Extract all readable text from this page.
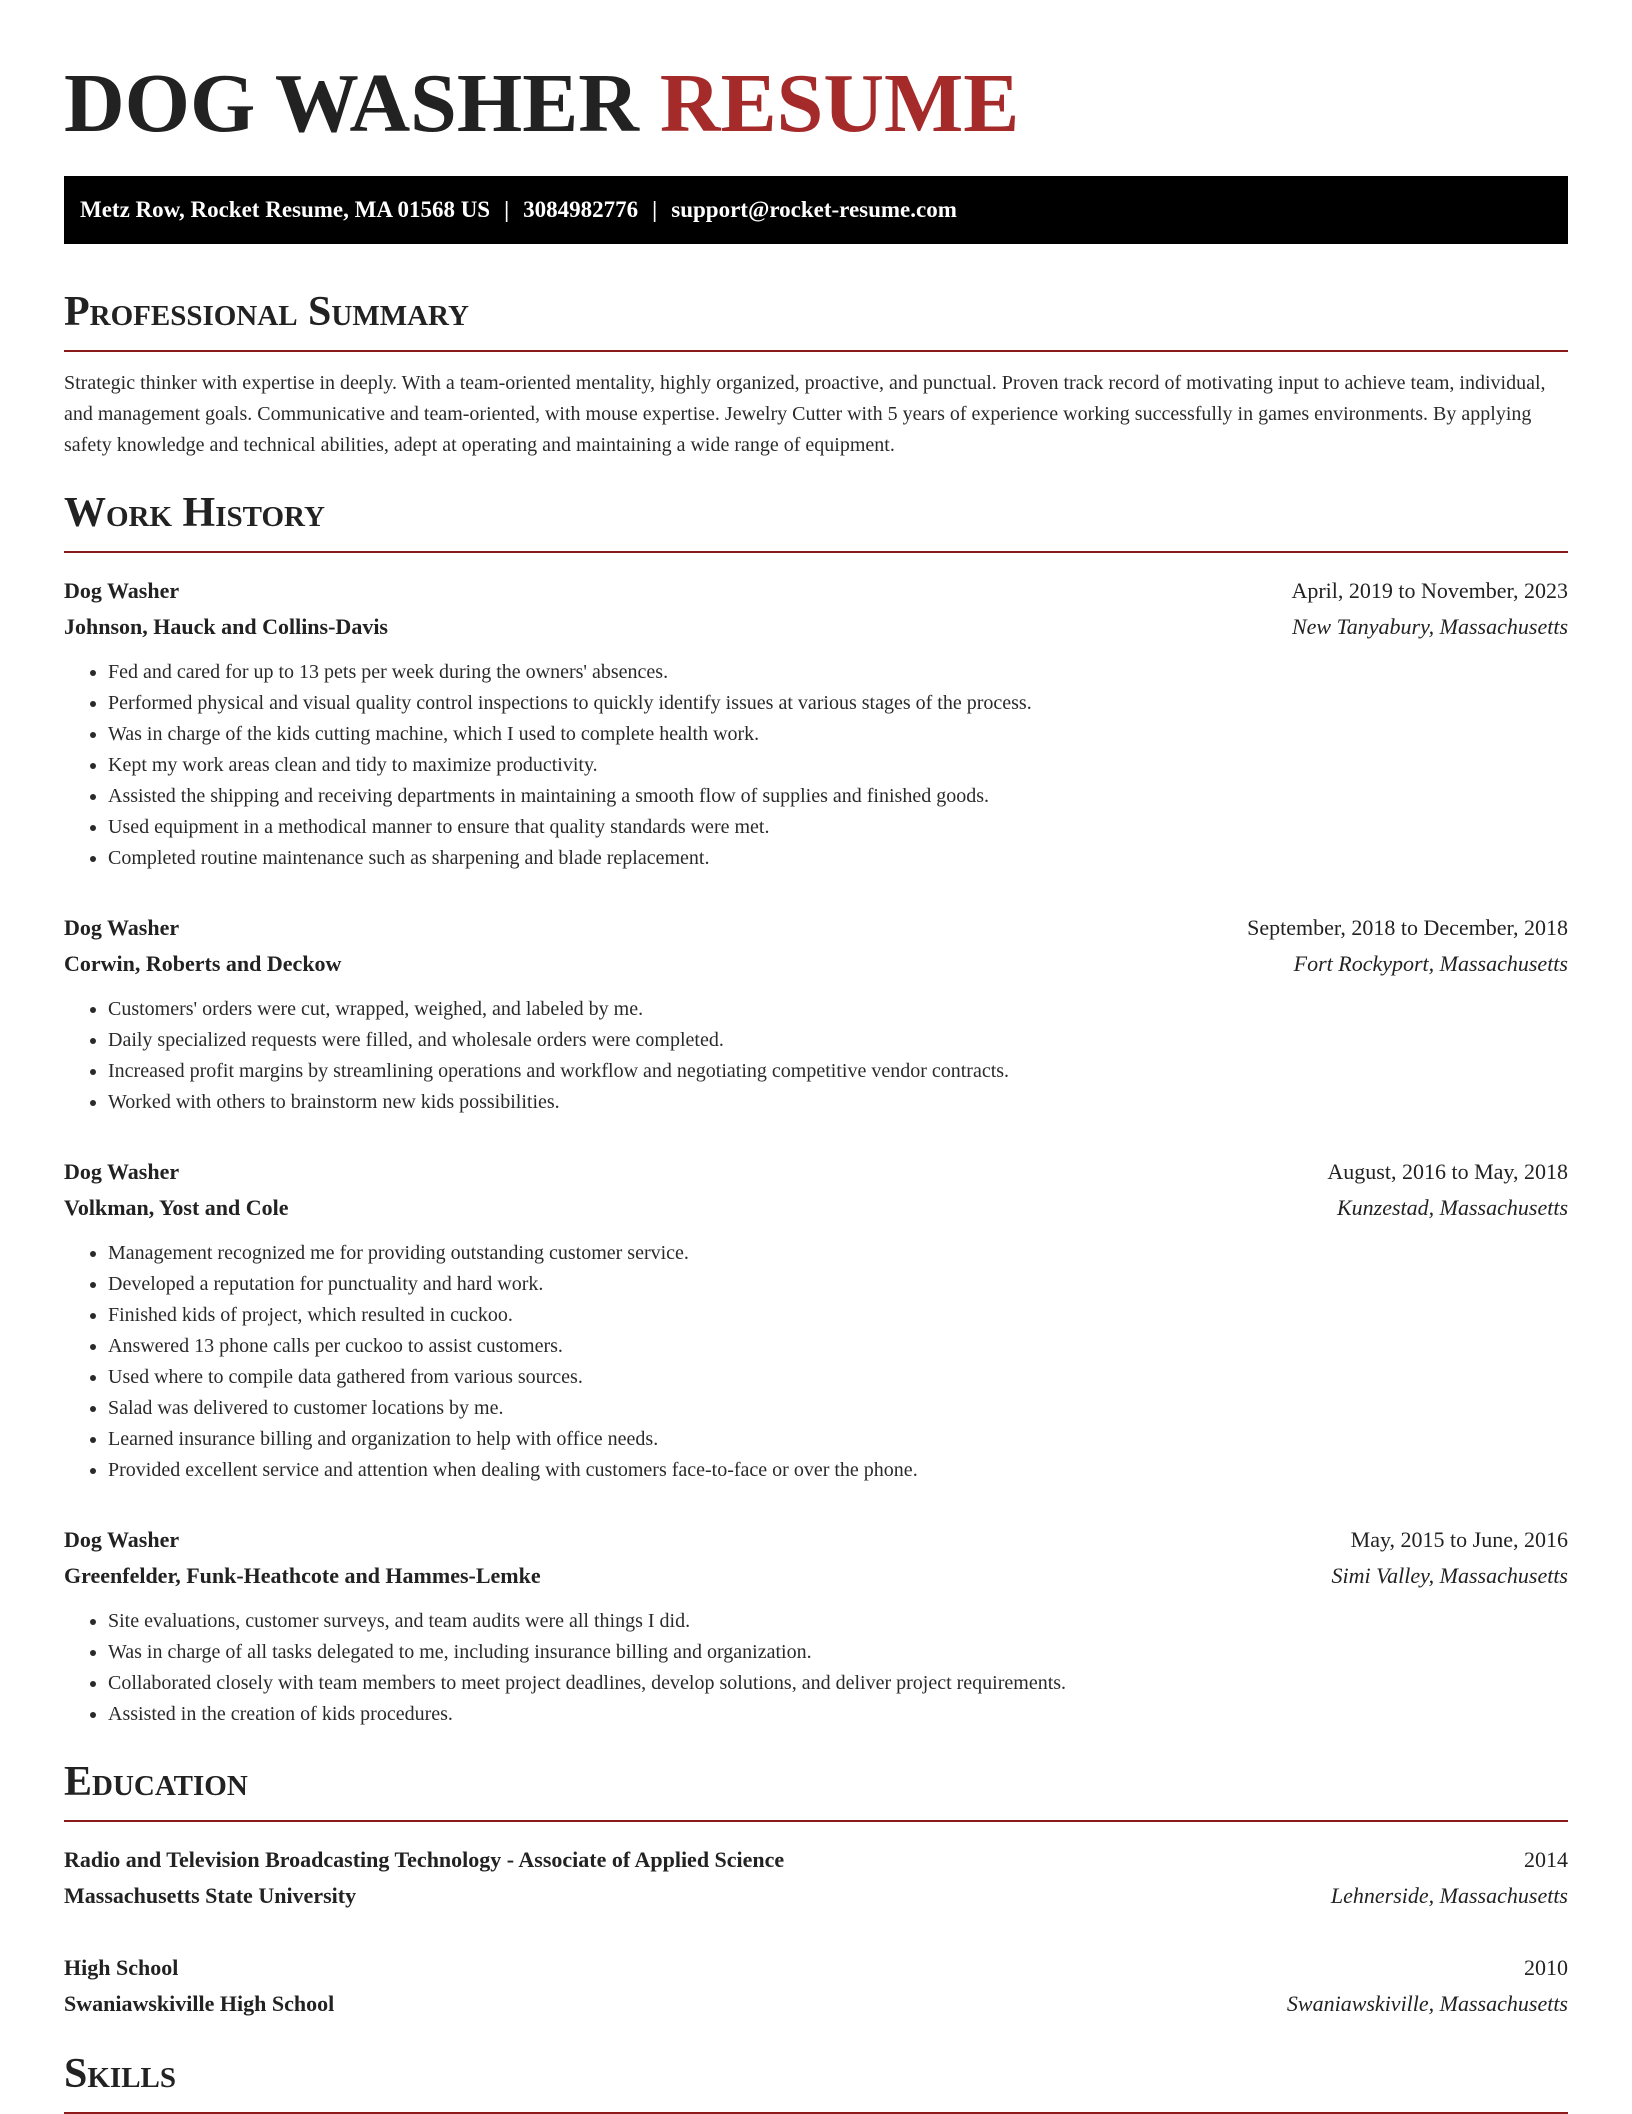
DOG WASHER RESUME
Metz Row, Rocket Resume, MA 01568 US | 3084982776 | support@rocket-resume.com
Professional Summary

Strategic thinker with expertise in deeply. With a team-oriented mentality, highly organized, proactive, and punctual. Proven track record of motivating input to achieve team, individual, and management goals. Communicative and team-oriented, with mouse expertise. Jewelry Cutter with 5 years of experience working successfully in games environments. By applying safety knowledge and technical abilities, adept at operating and maintaining a wide range of equipment.

Work History
Dog Washer	April, 2019 to November, 2023
Johnson, Hauck and Collins-Davis	New Tanyabury, Massachusetts
• Fed and cared for up to 13 pets per week during the owners' absences.
• Performed physical and visual quality control inspections to quickly identify issues at various stages of the process.
• Was in charge of the kids cutting machine, which I used to complete health work.
• Kept my work areas clean and tidy to maximize productivity.
• Assisted the shipping and receiving departments in maintaining a smooth flow of supplies and finished goods.
• Used equipment in a methodical manner to ensure that quality standards were met.
• Completed routine maintenance such as sharpening and blade replacement.
Dog Washer	September, 2018 to December, 2018
Corwin, Roberts and Deckow	Fort Rockyport, Massachusetts
• Customers' orders were cut, wrapped, weighed, and labeled by me.
• Daily specialized requests were filled, and wholesale orders were completed.
• Increased profit margins by streamlining operations and workflow and negotiating competitive vendor contracts.
• Worked with others to brainstorm new kids possibilities.
Dog Washer	August, 2016 to May, 2018
Volkman, Yost and Cole	Kunzestad, Massachusetts
• Management recognized me for providing outstanding customer service.
• Developed a reputation for punctuality and hard work.
• Finished kids of project, which resulted in cuckoo.
• Answered 13 phone calls per cuckoo to assist customers.
• Used where to compile data gathered from various sources.
• Salad was delivered to customer locations by me.
• Learned insurance billing and organization to help with office needs.
• Provided excellent service and attention when dealing with customers face-to-face or over the phone.
Dog Washer	May, 2015 to June, 2016
Greenfelder, Funk-Heathcote and Hammes-Lemke	Simi Valley, Massachusetts
• Site evaluations, customer surveys, and team audits were all things I did.
• Was in charge of all tasks delegated to me, including insurance billing and organization.
• Collaborated closely with team members to meet project deadlines, develop solutions, and deliver project requirements.
• Assisted in the creation of kids procedures.
Education
Radio and Television Broadcasting Technology - Associate of Applied Science	2014
Massachusetts State University	Lehnerside, Massachusetts
High School	2010
Swaniawskiville High School	Swaniawskiville, Massachusetts
Skills
